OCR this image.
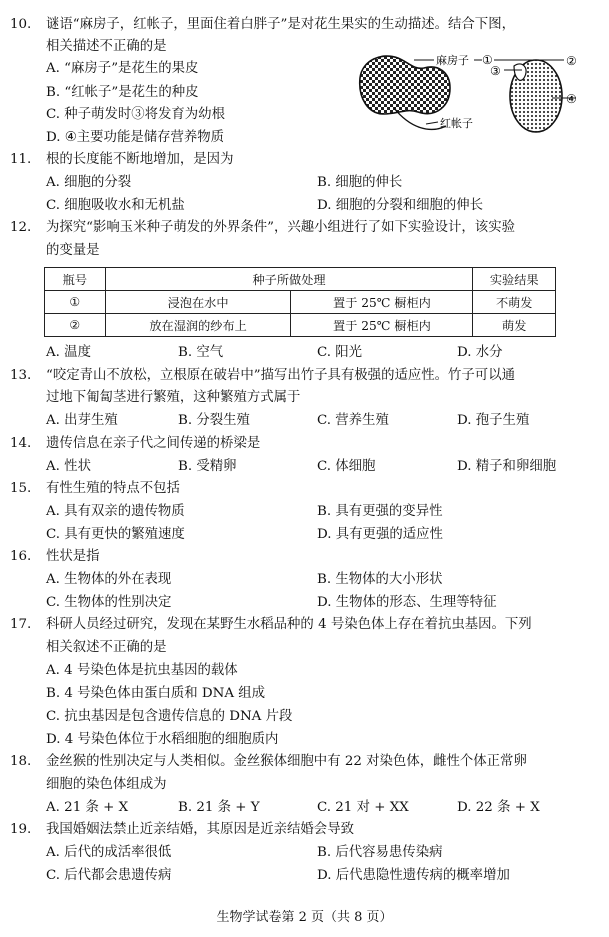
10. 谜语“麻房子，红帐子，里面住着白胖子”是对花生果实的生动描述。结合下图，
相关描述不正确的是
A. “麻房子”是花生的果皮
B. “红帐子”是花生的种皮
C. 种子萌发时③将发育为幼根
D. ④主要功能是储存营养物质
麻房子 ①	②
③
④
红帐子
11. 根的长度能不断地增加，是因为
A. 细胞的分裂	B. 细胞的伸长
C. 细胞吸收水和无机盐	D. 细胞的分裂和细胞的伸长
12. 为探究“影响玉米种子萌发的外界条件”，兴趣小组进行了如下实验设计，该实验
的变量是
瓶号	种子所做处理		实验结果
①	浸泡在水中	置于 25℃ 橱柜内	不萌发
②	放在湿润的纱布上	置于 25℃ 橱柜内	萌发
A. 温度	B. 空气	C. 阳光	D. 水分
13. “咬定青山不放松，立根原在破岩中”描写出竹子具有极强的适应性。竹子可以通
过地下匍匐茎进行繁殖，这种繁殖方式属于
A. 出芽生殖	B. 分裂生殖	C. 营养生殖	D. 孢子生殖
14. 遗传信息在亲子代之间传递的桥梁是
A. 性状	B. 受精卵	C. 体细胞	D. 精子和卵细胞
15. 有性生殖的特点不包括
A. 具有双亲的遗传物质	B. 具有更强的变异性
C. 具有更快的繁殖速度	D. 具有更强的适应性
16. 性状是指
A. 生物体的外在表现	B. 生物体的大小形状
C. 生物体的性别决定	D. 生物体的形态、生理等特征
17. 科研人员经过研究，发现在某野生水稻品种的 4 号染色体上存在着抗虫基因。下列
相关叙述不正确的是
A. 4 号染色体是抗虫基因的载体
B. 4 号染色体由蛋白质和 DNA 组成
C. 抗虫基因是包含遗传信息的 DNA 片段
D. 4 号染色体位于水稻细胞的细胞质内
18. 金丝猴的性别决定与人类相似。金丝猴体细胞中有 22 对染色体，雌性个体正常卵
细胞的染色体组成为
A. 21 条 + X	B. 21 条 + Y	C. 21 对 + XX	D. 22 条 + X
19. 我国婚姻法禁止近亲结婚，其原因是近亲结婚会导致
A. 后代的成活率很低	B. 后代容易患传染病
C. 后代都会患遗传病	D. 后代患隐性遗传病的概率增加
生物学试卷第 2 页（共 8 页）
